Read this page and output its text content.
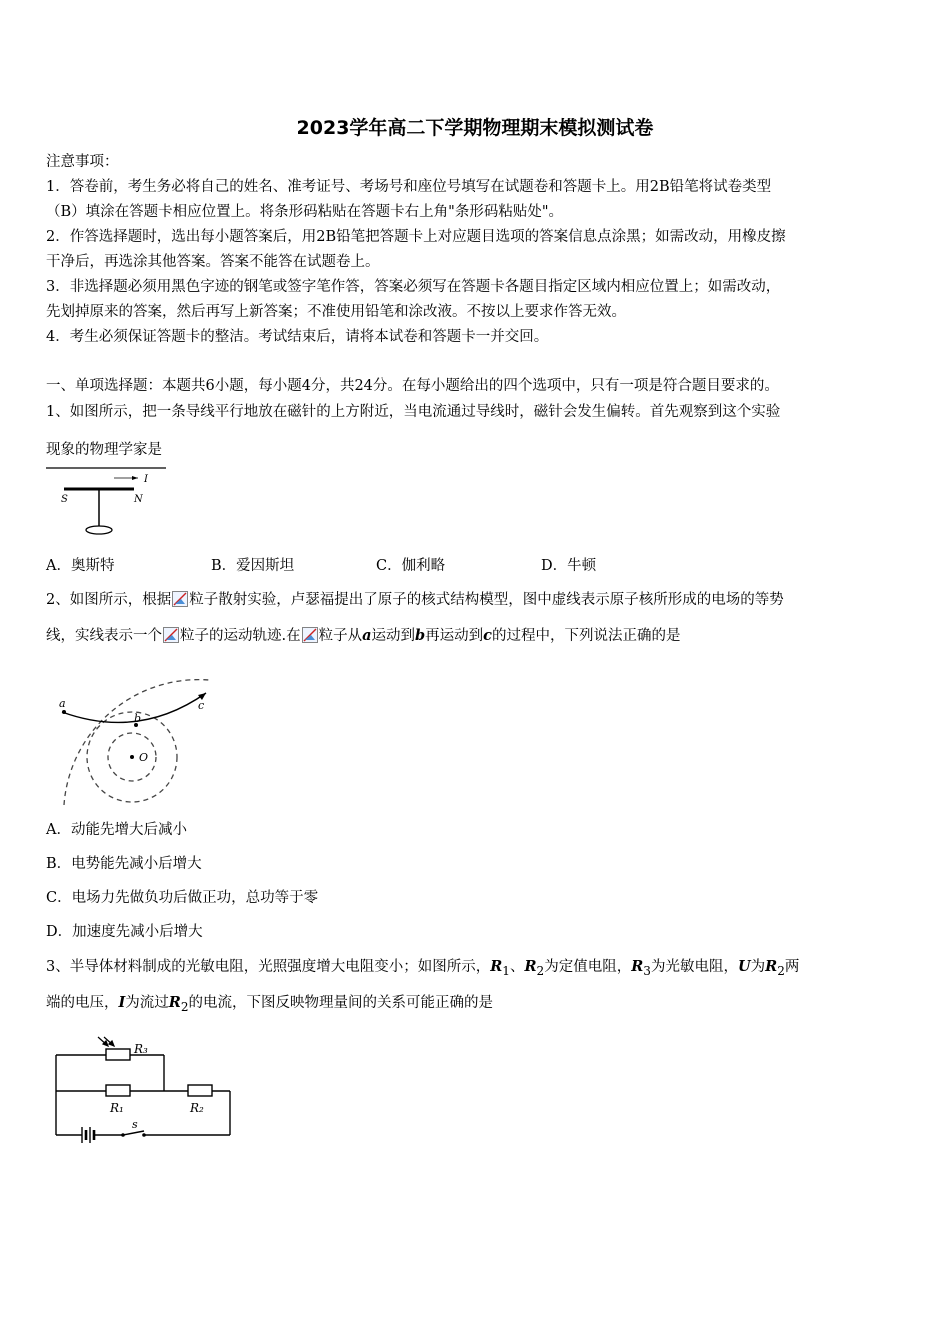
2023学年高二下学期物理期末模拟测试卷
注意事项：
1．答卷前，考生务必将自己的姓名、准考证号、考场号和座位号填写在试题卷和答题卡上。用2B铅笔将试卷类型
（B）填涂在答题卡相应位置上。将条形码粘贴在答题卡右上角"条形码粘贴处"。
2．作答选择题时，选出每小题答案后，用2B铅笔把答题卡上对应题目选项的答案信息点涂黑；如需改动，用橡皮擦
干净后，再选涂其他答案。答案不能答在试题卷上。
3．非选择题必须用黑色字迹的钢笔或签字笔作答，答案必须写在答题卡各题目指定区域内相应位置上；如需改动，
先划掉原来的答案，然后再写上新答案；不准使用铅笔和涂改液。不按以上要求作答无效。
4．考生必须保证答题卡的整洁。考试结束后，请将本试卷和答题卡一并交回。
一、单项选择题：本题共6小题，每小题4分，共24分。在每小题给出的四个选项中，只有一项是符合题目要求的。
1、如图所示，把一条导线平行地放在磁针的上方附近，当电流通过导线时，磁针会发生偏转。首先观察到这个实验
现象的物理学家是
I
S	N
A．奥斯特	B．爱因斯坦	C．伽利略	D．牛顿
2、如图所示，根据 粒子散射实验，卢瑟福提出了原子的核式结构模型，图中虚线表示原子核所形成的电场的等势
线，实线表示一个 粒子的运动轨迹.在 粒子从a运动到b再运动到c的过程中，下列说法正确的是
a
b
c
O
A．动能先增大后减小
B．电势能先减小后增大
C．电场力先做负功后做正功，总功等于零
D．加速度先减小后增大
3、半导体材料制成的光敏电阻，光照强度增大电阻变小；如图所示，$R_1$、$R_2$为定值电阻，$R_3$为光敏电阻，U为$R_2$两
端的电压，I为流过$R_2$的电流，下图反映物理量间的关系可能正确的是
R₃
R₁	R₂
s
